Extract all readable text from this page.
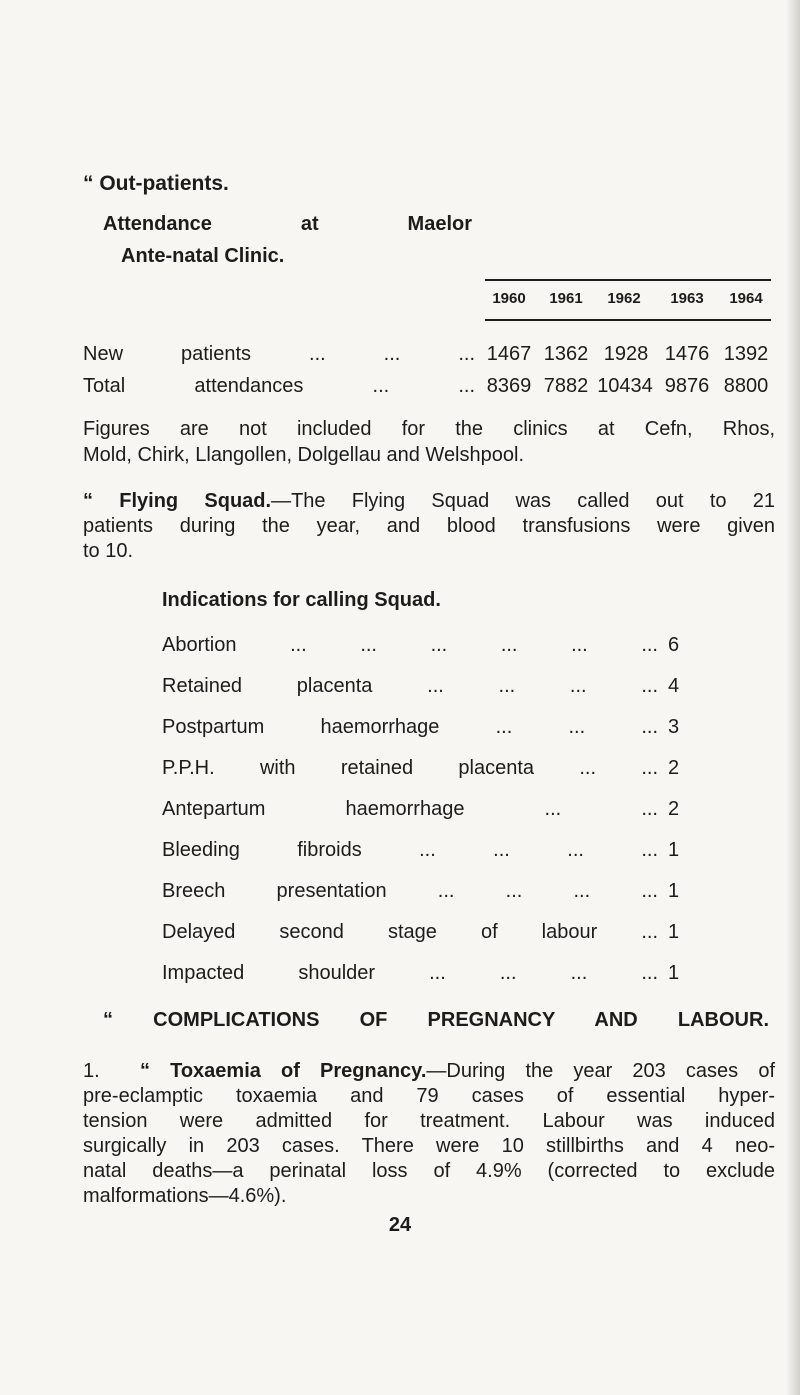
“ Out-patients.
Attendance at Maelor
Ante-natal Clinic.
1960 1961 1962 1963 1964
New patients ... ... ... 1467 1362 1928 1476 1392
Total attendances ... ... 8369 7882 10434 9876 8800
Figures are not included for the clinics at Cefn, Rhos,
Mold, Chirk, Llangollen, Dolgellau and Welshpool.
“ Flying Squad.—The Flying Squad was called out to 21
patients during the year, and blood transfusions were given
to 10.
Indications for calling Squad.
Abortion ... ... ... ... ... ... 6
Retained placenta ... ... ... ... 4
Postpartum haemorrhage ... ... ... 3
P.P.H. with retained placenta ... ... 2
Antepartum haemorrhage ... ... 2
Bleeding fibroids ... ... ... ... 1
Breech presentation ... ... ... ... 1
Delayed second stage of labour ... 1
Impacted shoulder ... ... ... ... 1
“ COMPLICATIONS OF PREGNANCY AND LABOUR.
1. “ Toxaemia of Pregnancy.—During the year 203 cases of
pre-eclamptic toxaemia and 79 cases of essential hyper-
tension were admitted for treatment. Labour was induced
surgically in 203 cases. There were 10 stillbirths and 4 neo-
natal deaths—a perinatal loss of 4.9% (corrected to exclude
malformations—4.6%).
24
